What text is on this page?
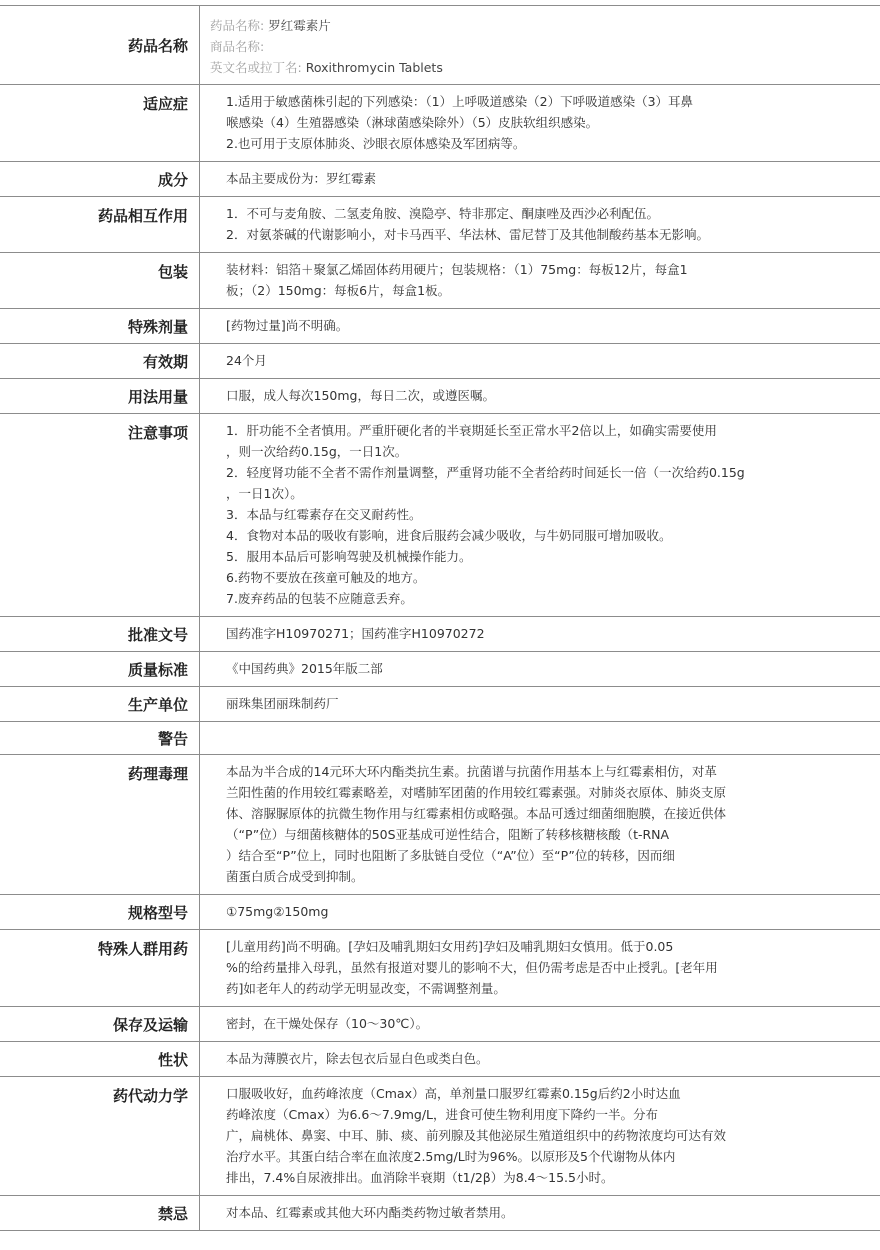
药品名称
药品名称: 罗红霉素片
商品名称:
英文名或拉丁名: Roxithromycin Tablets
适应症	1.适用于敏感菌株引起的下列感染：（1）上呼吸道感染（2）下呼吸道感染（3）耳鼻
喉感染（4）生殖器感染（淋球菌感染除外）（5）皮肤软组织感染。
2.也可用于支原体肺炎、沙眼衣原体感染及军团病等。
成分	本品主要成份为：罗红霉素
药品相互作用	1．不可与麦角胺、二氢麦角胺、溴隐亭、特非那定、酮康唑及西沙必利配伍。
2．对氨茶碱的代谢影响小，对卡马西平、华法林、雷尼替丁及其他制酸药基本无影响。
包装	装材料：铝箔＋聚氯乙烯固体药用硬片；包装规格：（1）75mg：每板12片，每盒1
板；（2）150mg：每板6片，每盒1板。
特殊剂量	[药物过量]尚不明确。
有效期	24个月
用法用量	口服，成人每次150mg，每日二次，或遵医嘱。
注意事项	1．肝功能不全者慎用。严重肝硬化者的半衰期延长至正常水平2倍以上，如确实需要使用
，则一次给药0.15g，一日1次。
2．轻度肾功能不全者不需作剂量调整，严重肾功能不全者给药时间延长一倍（一次给药0.15g
，一日1次）。
3．本品与红霉素存在交叉耐药性。
4．食物对本品的吸收有影响，进食后服药会减少吸收，与牛奶同服可增加吸收。
5．服用本品后可影响驾驶及机械操作能力。
6.药物不要放在孩童可触及的地方。
7.废弃药品的包装不应随意丢弃。
批准文号	国药准字H10970271；国药准字H10970272
质量标准	《中国药典》2015年版二部
生产单位	丽珠集团丽珠制药厂
警告
药理毒理	本品为半合成的14元环大环内酯类抗生素。抗菌谱与抗菌作用基本上与红霉素相仿，对革
兰阳性菌的作用较红霉素略差，对嗜肺军团菌的作用较红霉素强。对肺炎衣原体、肺炎支原
体、溶脲脲原体的抗微生物作用与红霉素相仿或略强。本品可透过细菌细胞膜，在接近供体
（“P”位）与细菌核糖体的50S亚基成可逆性结合，阻断了转移核糖核酸（t-RNA
）结合至“P”位上，同时也阻断了多肽链自受位（“A”位）至“P”位的转移，因而细
菌蛋白质合成受到抑制。
规格型号	①75mg②150mg
特殊人群用药	[儿童用药]尚不明确。[孕妇及哺乳期妇女用药]孕妇及哺乳期妇女慎用。低于0.05
%的给药量排入母乳，虽然有报道对婴儿的影响不大，但仍需考虑是否中止授乳。[老年用
药]如老年人的药动学无明显改变，不需调整剂量。
保存及运输	密封，在干燥处保存（10～30℃）。
性状	本品为薄膜衣片，除去包衣后显白色或类白色。
药代动力学	口服吸收好，血药峰浓度（Cmax）高，单剂量口服罗红霉素0.15g后约2小时达血
药峰浓度（Cmax）为6.6～7.9mg/L，进食可使生物利用度下降约一半。分布
广，扁桃体、鼻窦、中耳、肺、痰、前列腺及其他泌尿生殖道组织中的药物浓度均可达有效
治疗水平。其蛋白结合率在血浓度2.5mg/L时为96%。以原形及5个代谢物从体内
排出，7.4%自尿液排出。血消除半衰期（t1/2β）为8.4～15.5小时。
禁忌	对本品、红霉素或其他大环内酯类药物过敏者禁用。
